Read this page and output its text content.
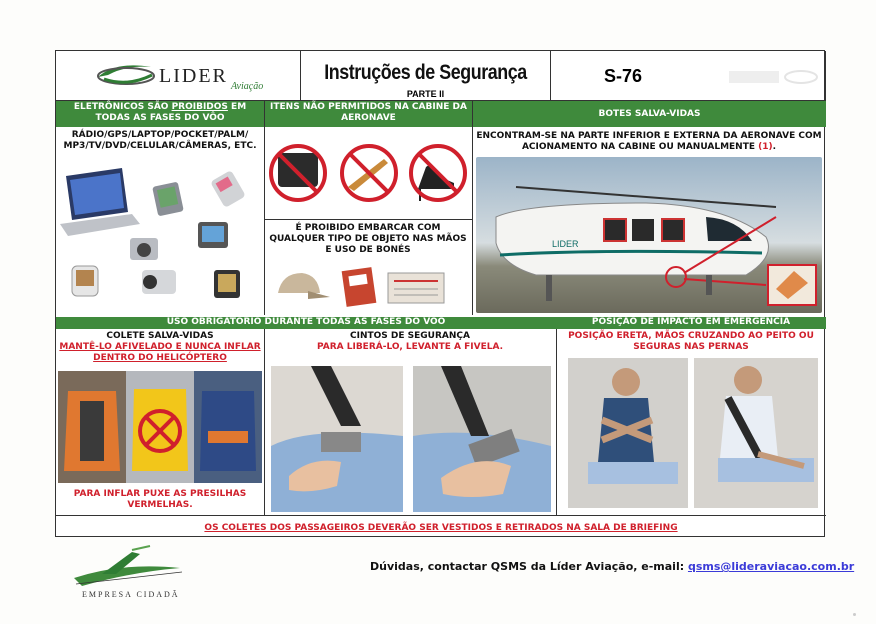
LIDER Aviação
Instruções de Segurança
PARTE II
S-76
ELETRÔNICOS SÃO PROIBIDOS EM TODAS AS FASES DO VÔO
ITENS NÃO PERMITIDOS NA CABINE DA AERONAVE	BOTES SALVA-VIDAS
RÁDIO/GPS/LAPTOP/POCKET/PALM/ MP3/TV/DVD/CELULAR/CÂMERAS, ETC.
É PROIBIDO EMBARCAR COM QUALQUER TIPO DE OBJETO NAS MÃOS E USO DE BONÉS
ENCONTRAM-SE NA PARTE INFERIOR E EXTERNA DA AERONAVE COM ACIONAMENTO NA CABINE OU MANUALMENTE (1).
LIDER
USO OBRIGATÓRIO DURANTE TODAS AS FASES DO VÔO	POSIÇÃO DE IMPACTO EM EMERGÊNCIA
COLETE SALVA-VIDAS
MANTÊ-LO AFIVELADO E NUNCA INFLAR DENTRO DO HELICÓPTERO
PARA INFLAR PUXE AS PRESILHAS VERMELHAS.
CINTOS DE SEGURANÇA
PARA LIBERÁ-LO, LEVANTE A FIVELA.
POSIÇÃO ERETA, MÃOS CRUZANDO AO PEITO OU SEGURAS NAS PERNAS
OS COLETES DOS PASSAGEIROS DEVERÃO SER VESTIDOS E RETIRADOS NA SALA DE BRIEFING
EMPRESA CIDADÃ
Dúvidas, contactar QSMS da Líder Aviação, e-mail: qsms@lideraviacao.com.br
